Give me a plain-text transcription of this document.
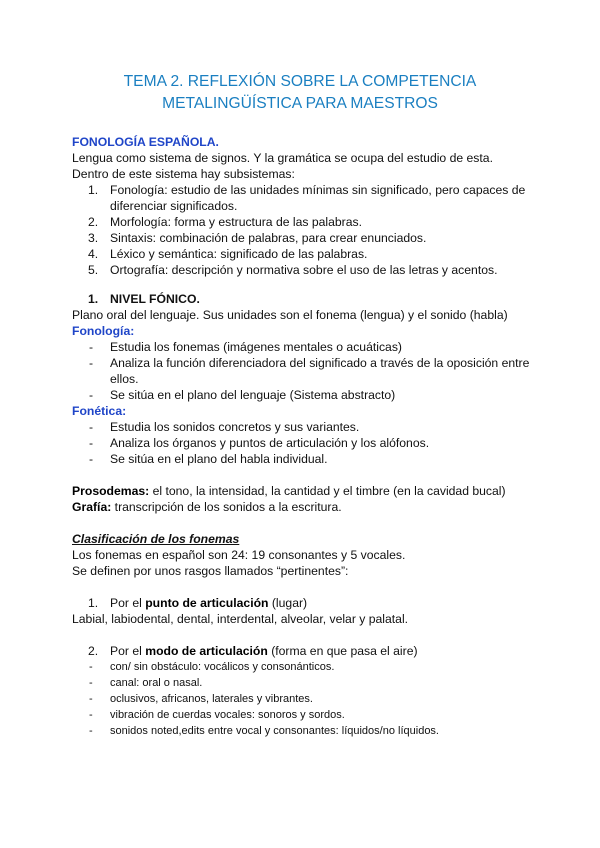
TEMA 2. REFLEXIÓN SOBRE LA COMPETENCIA
METALINGÜÍSTICA PARA MAESTROS
FONOLOGÍA ESPAÑOLA.
Lengua como sistema de signos. Y la gramática se ocupa del estudio de esta.
Dentro de este sistema hay subsistemas:
1. Fonología: estudio de las unidades mínimas sin significado, pero capaces de
diferenciar significados.
2. Morfología: forma y estructura de las palabras.
3. Sintaxis: combinación de palabras, para crear enunciados.
4. Léxico y semántica: significado de las palabras.
5. Ortografía: descripción y normativa sobre el uso de las letras y acentos.
1. NIVEL FÓNICO.
Plano oral del lenguaje. Sus unidades son el fonema (lengua) y el sonido (habla)
Fonología:
- Estudia los fonemas (imágenes mentales o acuáticas)
- Analiza la función diferenciadora del significado a través de la oposición entre
ellos.
- Se sitúa en el plano del lenguaje (Sistema abstracto)
Fonética:
- Estudia los sonidos concretos y sus variantes.
- Analiza los órganos y puntos de articulación y los alófonos.
- Se sitúa en el plano del habla individual.
Prosodemas: el tono, la intensidad, la cantidad y el timbre (en la cavidad bucal)
Grafía: transcripción de los sonidos a la escritura.
Clasificación de los fonemas
Los fonemas en español son 24: 19 consonantes y 5 vocales.
Se definen por unos rasgos llamados “pertinentes”:
1. Por el punto de articulación (lugar)
Labial, labiodental, dental, interdental, alveolar, velar y palatal.
2. Por el modo de articulación (forma en que pasa el aire)
- con/ sin obstáculo: vocálicos y consonánticos.
- canal: oral o nasal.
- oclusivos, africanos, laterales y vibrantes.
- vibración de cuerdas vocales: sonoros y sordos.
- sonidos noted,edits entre vocal y consonantes: líquidos/no líquidos.
